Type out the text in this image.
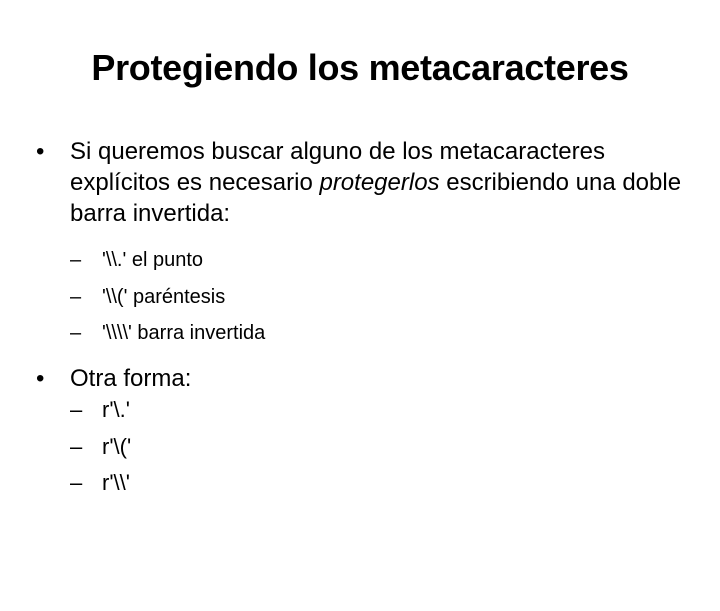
Protegiendo los metacaracteres
• Si queremos buscar alguno de los metacaracteres explícitos es necesario protegerlos escribiendo una doble barra invertida:

–

'\\.' el punto

–

'\\(' paréntesis

–

'\\\\' barra invertida

• Otra forma:

–

r'\.'

–

r'\('

–

r'\\'
